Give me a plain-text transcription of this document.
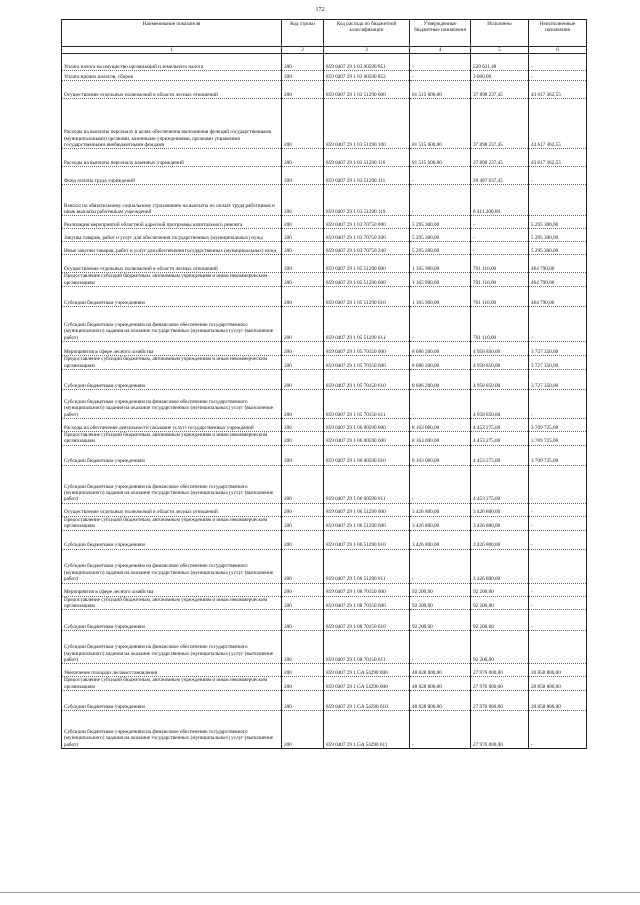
172
Наименование показателя	Код строки	Код расхода по бюджетной классификации	Утвержденные бюджетные назначения	Исполнено	Неисполненные назначения
1	2	3	4	5	6
Уплата налога на имущество организаций и земельного налога	200	859 0407 29 1 03 00590 851	-	520 631,48	-
Уплата прочих налогов, сборов	200	859 0407 29 1 03 00590 852	-	3 000,00	-
Осуществление отдельных полномочий в области лесных отношений	200	859 0407 29 1 03 51290 000	81 515 600,00	37 898 237,45	43 617 362,55
Расходы на выплаты персоналу в целях обеспечения выполнения функций государственными (муниципальными) органами, казенными учреждениями, органами управления государственными внебюджетными фондами	200	859 0407 29 1 03 51290 100	81 515 600,00	37 898 237,45	43 617 362,55
Расходы на выплаты персоналу казенных учреждений	200	859 0407 29 1 03 51290 110	81 515 600,00	37 898 237,45	43 617 362,55
Фонд оплаты труда учреждений	200	859 0407 29 1 03 51290 111	-	29 487 037,45	-
Взносы по обязательному социальному страхованию на выплаты по оплате труда работников и иные выплаты работникам учреждений	200	859 0407 29 1 03 51290 119	-	8 411 200,00	-
Реализация мероприятий областной адресной программы капитального ремонта	200	859 0407 29 1 03 70750 000	5 295 300,00	-	5 295 300,00
Закупка товаров, работ и услуг для обеспечения государственных (муниципальных) нужд	200	859 0407 29 1 03 70750 200	5 295 300,00	-	5 295 300,00
Иные закупки товаров, работ и услуг для обеспечения государственных (муниципальных) нужд	200	859 0407 29 1 03 70750 240	5 295 300,00	-	5 295 300,00
Осуществление отдельных полномочий в области лесных отношений	200	859 0407 29 1 05 51290 000	1 165 900,00	701 110,00	464 790,00
Предоставление субсидий бюджетным, автономным учреждениям и иным некоммерческим организациям	200	859 0407 29 1 05 51290 600	1 165 900,00	701 110,00	464 790,00
Субсидии бюджетным учреждениям	200	859 0407 29 1 05 51290 610	1 165 900,00	701 110,00	464 790,00
Субсидии бюджетным учреждениям на финансовое обеспечение государственного (муниципального) задания на оказание государственных (муниципальных) услуг (выполнение работ)	200	859 0407 29 1 05 51290 611	-	701 110,00	-
Мероприятия в сфере лесного хозяйства	200	859 0407 29 1 05 70150 000	8 686 200,00	4 958 850,00	3 727 350,00
Предоставление субсидий бюджетным, автономным учреждениям и иным некоммерческим организациям	200	859 0407 29 1 05 70150 600	8 686 200,00	4 958 850,00	3 727 350,00
Субсидии бюджетным учреждениям	200	859 0407 29 1 05 70150 610	8 686 200,00	4 958 850,00	3 727 350,00
Субсидии бюджетным учреждениям на финансовое обеспечение государственного (муниципального) задания на оказание государственных (муниципальных) услуг (выполнение работ)	200	859 0407 29 1 05 70150 611	-	4 958 850,00	-
Расходы на обеспечение деятельности (оказание услуг) государственных учреждений	200	859 0407 29 1 06 00590 000	8 163 000,00	4 453 275,00	3 709 725,00
Предоставление субсидий бюджетным, автономным учреждениям и иным некоммерческим организациям	200	859 0407 29 1 06 00590 600	8 163 000,00	4 453 275,00	3 709 725,00
Субсидии бюджетным учреждениям	200	859 0407 29 1 06 00590 610	8 163 000,00	4 453 275,00	3 709 725,00
Субсидии бюджетным учреждениям на финансовое обеспечение государственного (муниципального) задания на оказание государственных (муниципальных) услуг (выполнение работ)	200	859 0407 29 1 06 00590 611	-	4 453 275,00	-
Осуществление отдельных полномочий в области лесных отношений	200	859 0407 29 1 06 51290 000	3 426 800,00	3 426 800,00	-
Предоставление субсидий бюджетным, автономным учреждениям и иным некоммерческим организациям	200	859 0407 29 1 06 51290 600	3 426 800,00	3 426 800,00	-
Субсидии бюджетным учреждениям	200	859 0407 29 1 06 51290 610	3 426 800,00	3 426 800,00	-
Субсидии бюджетным учреждениям на финансовое обеспечение государственного (муниципального) задания на оказание государственных (муниципальных) услуг (выполнение работ)	200	859 0407 29 1 06 51290 611	-	3 426 800,00	-
Мероприятия в сфере лесного хозяйства	200	859 0407 29 1 08 70150 000	92 200,00	92 200,00	-
Предоставление субсидий бюджетным, автономным учреждениям и иным некоммерческим организациям	200	859 0407 29 1 08 70150 600	92 200,00	92 200,00	-
Субсидии бюджетным учреждениям	200	859 0407 29 1 08 70150 610	92 200,00	92 200,00	-
Субсидии бюджетным учреждениям на финансовое обеспечение государственного (муниципального) задания на оказание государственных (муниципальных) услуг (выполнение работ)	200	859 0407 29 1 08 70150 611	-	92 200,00	-
Увеличение площади лесовосстановления	200	859 0407 29 1 GA 54290 000	48 828 800,00	27 970 000,00	20 858 800,00
Предоставление субсидий бюджетным, автономным учреждениям и иным некоммерческим организациям	200	859 0407 29 1 GA 54290 600	48 828 800,00	27 970 000,00	20 858 800,00
Субсидии бюджетным учреждениям	200	859 0407 29 1 GA 54290 610	48 828 800,00	27 970 000,00	20 858 800,00
Субсидии бюджетным учреждениям на финансовое обеспечение государственного (муниципального) задания на оказание государственных (муниципальных) услуг (выполнение работ)	200	859 0407 29 1 GA 54290 611	-	27 970 000,00	-
